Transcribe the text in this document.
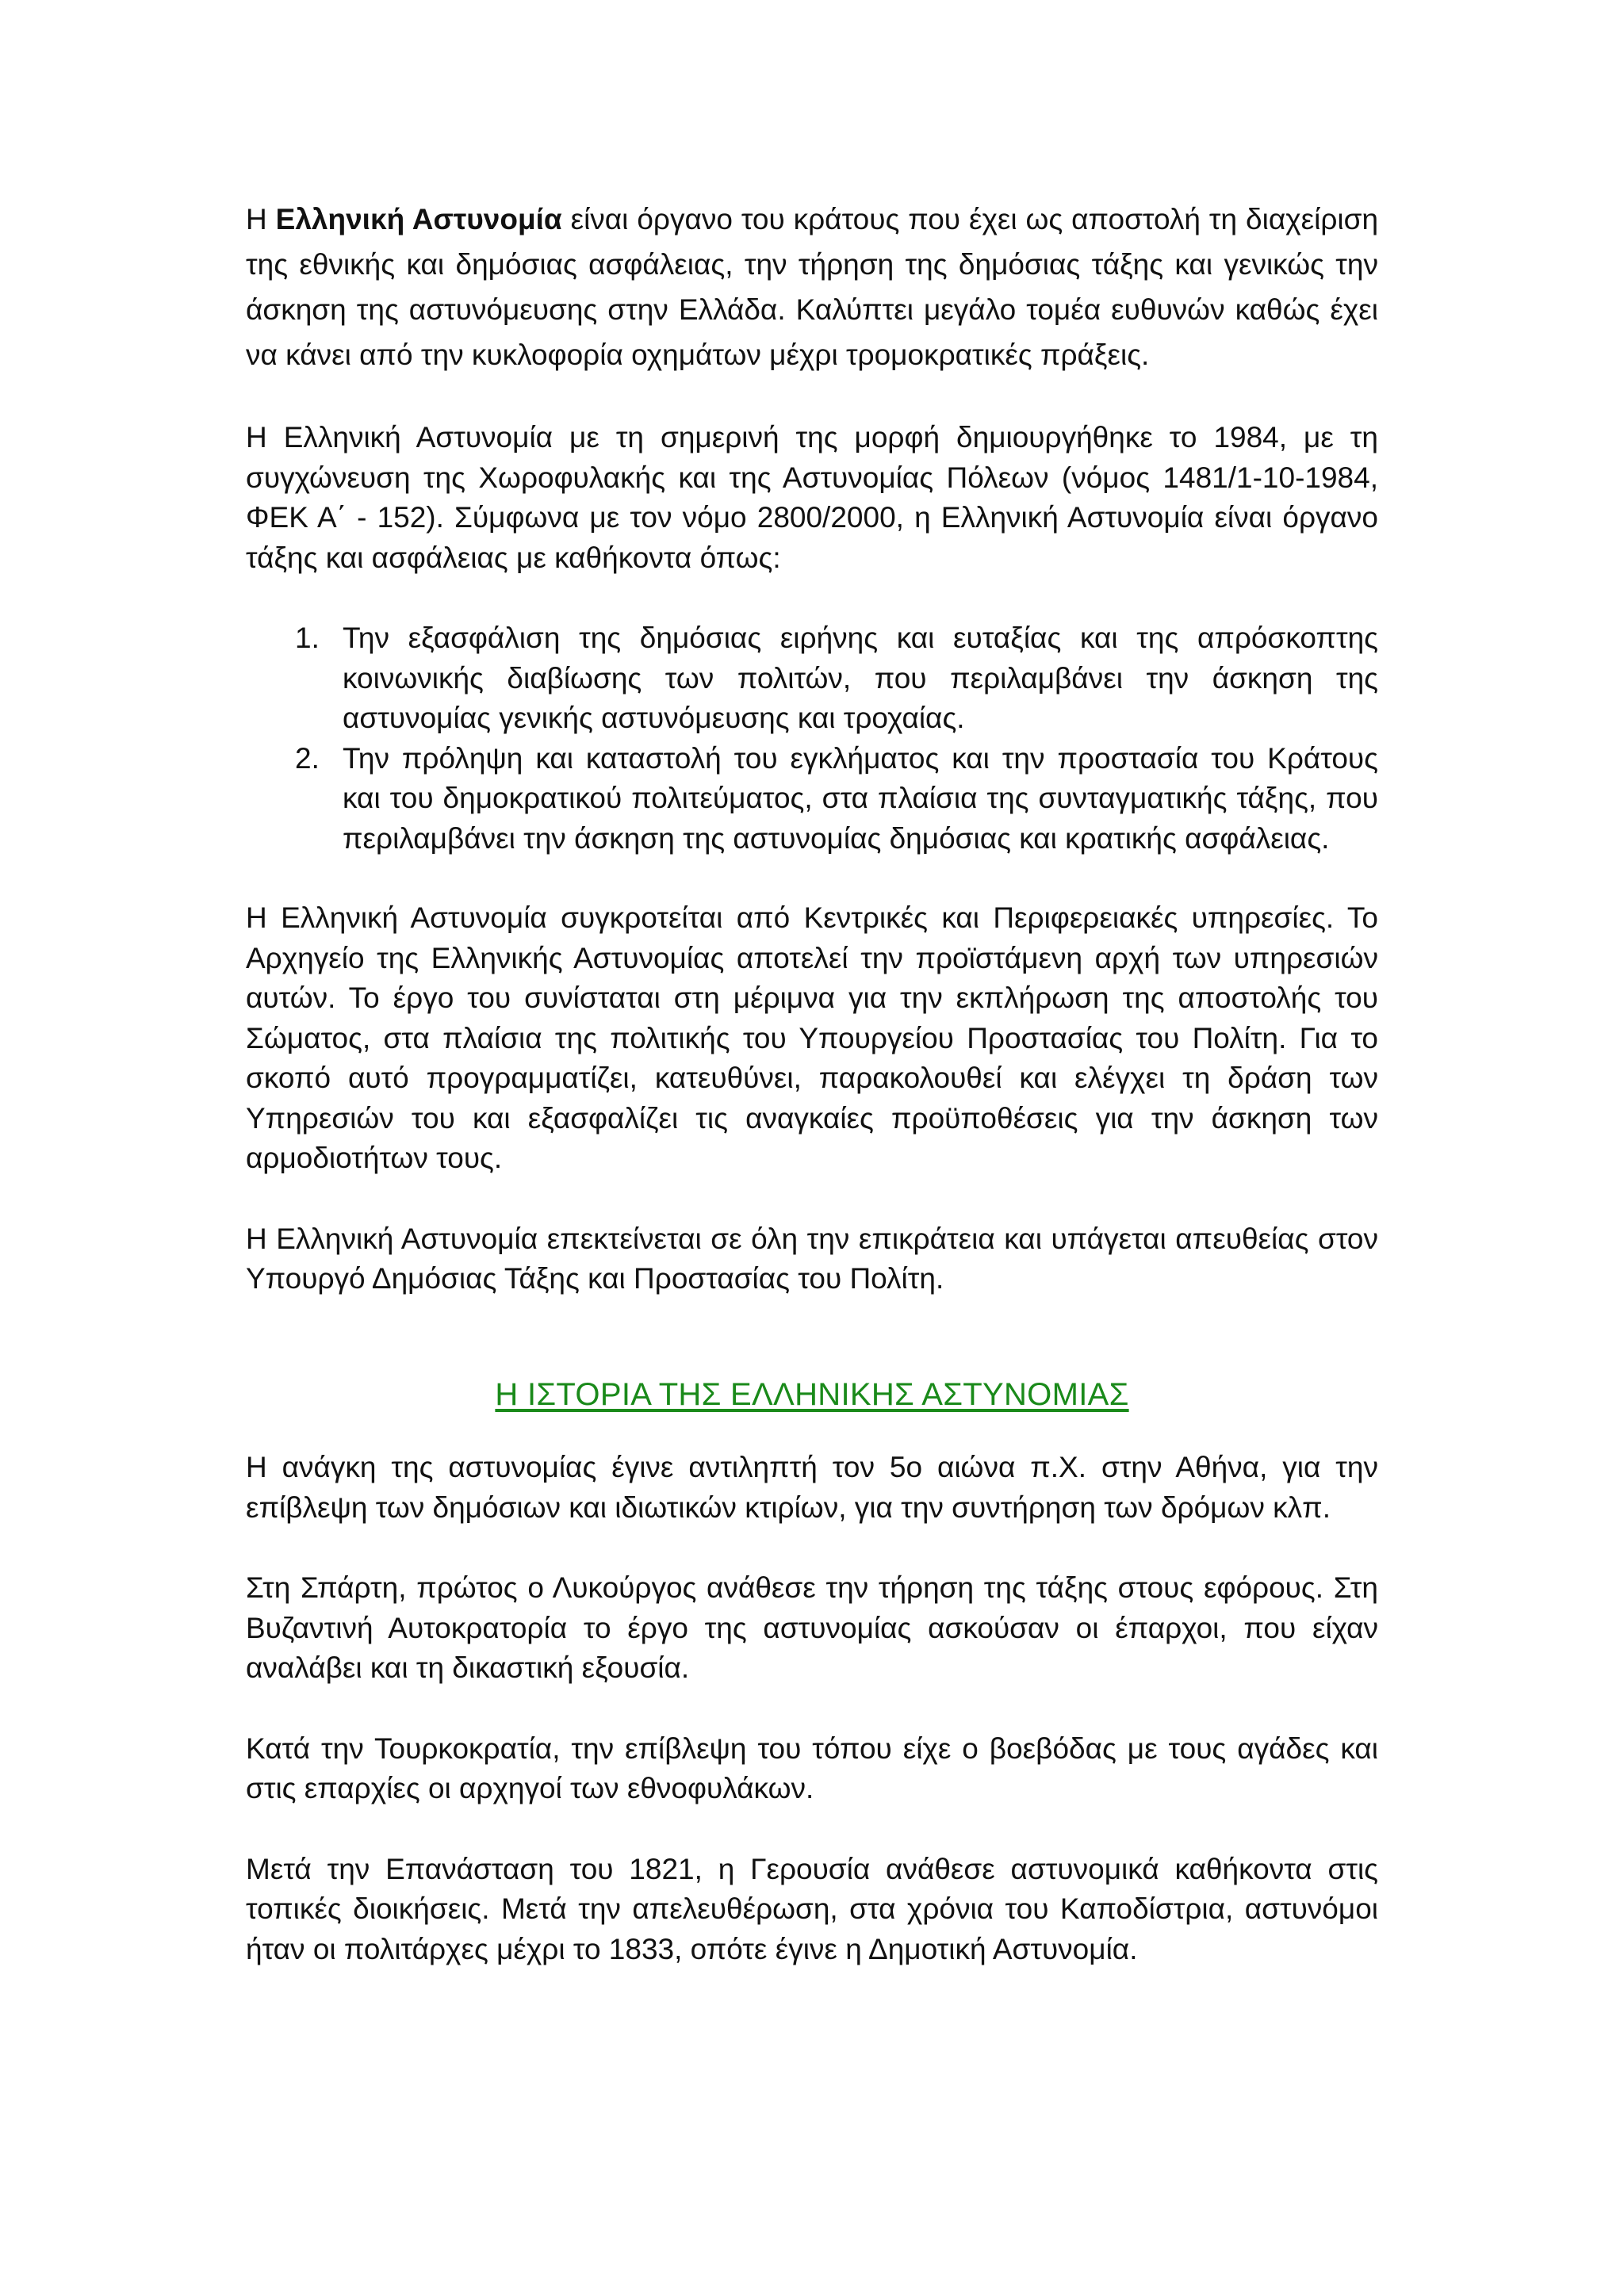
Η Ελληνική Αστυνομία είναι όργανο του κράτους που έχει ως αποστολή τη διαχείριση της εθνικής και δημόσιας ασφάλειας, την τήρηση της δημόσιας τάξης και γενικώς την άσκηση της αστυνόμευσης στην Ελλάδα. Καλύπτει μεγάλο τομέα ευθυνών καθώς έχει να κάνει από την κυκλοφορία οχημάτων μέχρι τρομοκρατικές πράξεις.

Η Ελληνική Αστυνομία με τη σημερινή της μορφή δημιουργήθηκε το 1984, με τη συγχώνευση της Χωροφυλακής και της Αστυνομίας Πόλεων (νόμος 1481/1-10-1984, ΦΕΚ Α΄ - 152). Σύμφωνα με τον νόμο 2800/2000, η Ελληνική Αστυνομία είναι όργανο τάξης και ασφάλειας με καθήκοντα όπως:

1. Την εξασφάλιση της δημόσιας ειρήνης και ευταξίας και της απρόσκοπτης κοινωνικής διαβίωσης των πολιτών, που περιλαμβάνει την άσκηση της αστυνομίας γενικής αστυνόμευσης και τροχαίας.
2. Την πρόληψη και καταστολή του εγκλήματος και την προστασία του Κράτους και του δημοκρατικού πολιτεύματος, στα πλαίσια της συνταγματικής τάξης, που περιλαμβάνει την άσκηση της αστυνομίας δημόσιας και κρατικής ασφάλειας.

Η Ελληνική Αστυνομία συγκροτείται από Κεντρικές και Περιφερειακές υπηρεσίες. Το Αρχηγείο της Ελληνικής Αστυνομίας αποτελεί την προϊστάμενη αρχή των υπηρεσιών αυτών. Το έργο του συνίσταται στη μέριμνα για την εκπλήρωση της αποστολής του Σώματος, στα πλαίσια της πολιτικής του Υπουργείου Προστασίας του Πολίτη. Για το σκοπό αυτό προγραμματίζει, κατευθύνει, παρακολουθεί και ελέγχει τη δράση των Υπηρεσιών του και εξασφαλίζει τις αναγκαίες προϋποθέσεις για την άσκηση των αρμοδιοτήτων τους.

Η Ελληνική Αστυνομία επεκτείνεται σε όλη την επικράτεια και υπάγεται απευθείας στον Υπουργό Δημόσιας Τάξης και Προστασίας του Πολίτη.

Η ΙΣΤΟΡΙΑ ΤΗΣ ΕΛΛΗΝΙΚΗΣ ΑΣΤΥΝΟΜΙΑΣ

Η ανάγκη της αστυνομίας έγινε αντιληπτή τον 5ο αιώνα π.Χ. στην Αθήνα, για την επίβλεψη των δημόσιων και ιδιωτικών κτιρίων, για την συντήρηση των δρόμων κλπ.

Στη Σπάρτη, πρώτος ο Λυκούργος ανάθεσε την τήρηση της τάξης στους εφόρους. Στη Βυζαντινή Αυτοκρατορία το έργο της αστυνομίας ασκούσαν οι έπαρχοι, που είχαν αναλάβει και τη δικαστική εξουσία.

Κατά την Τουρκοκρατία, την επίβλεψη του τόπου είχε ο βοεβόδας με τους αγάδες και στις επαρχίες οι αρχηγοί των εθνοφυλάκων.

Μετά την Επανάσταση του 1821, η Γερουσία ανάθεσε αστυνομικά καθήκοντα στις τοπικές διοικήσεις. Μετά την απελευθέρωση, στα χρόνια του Καποδίστρια, αστυνόμοι ήταν οι πολιτάρχες μέχρι το 1833, οπότε έγινε η Δημοτική Αστυνομία.
